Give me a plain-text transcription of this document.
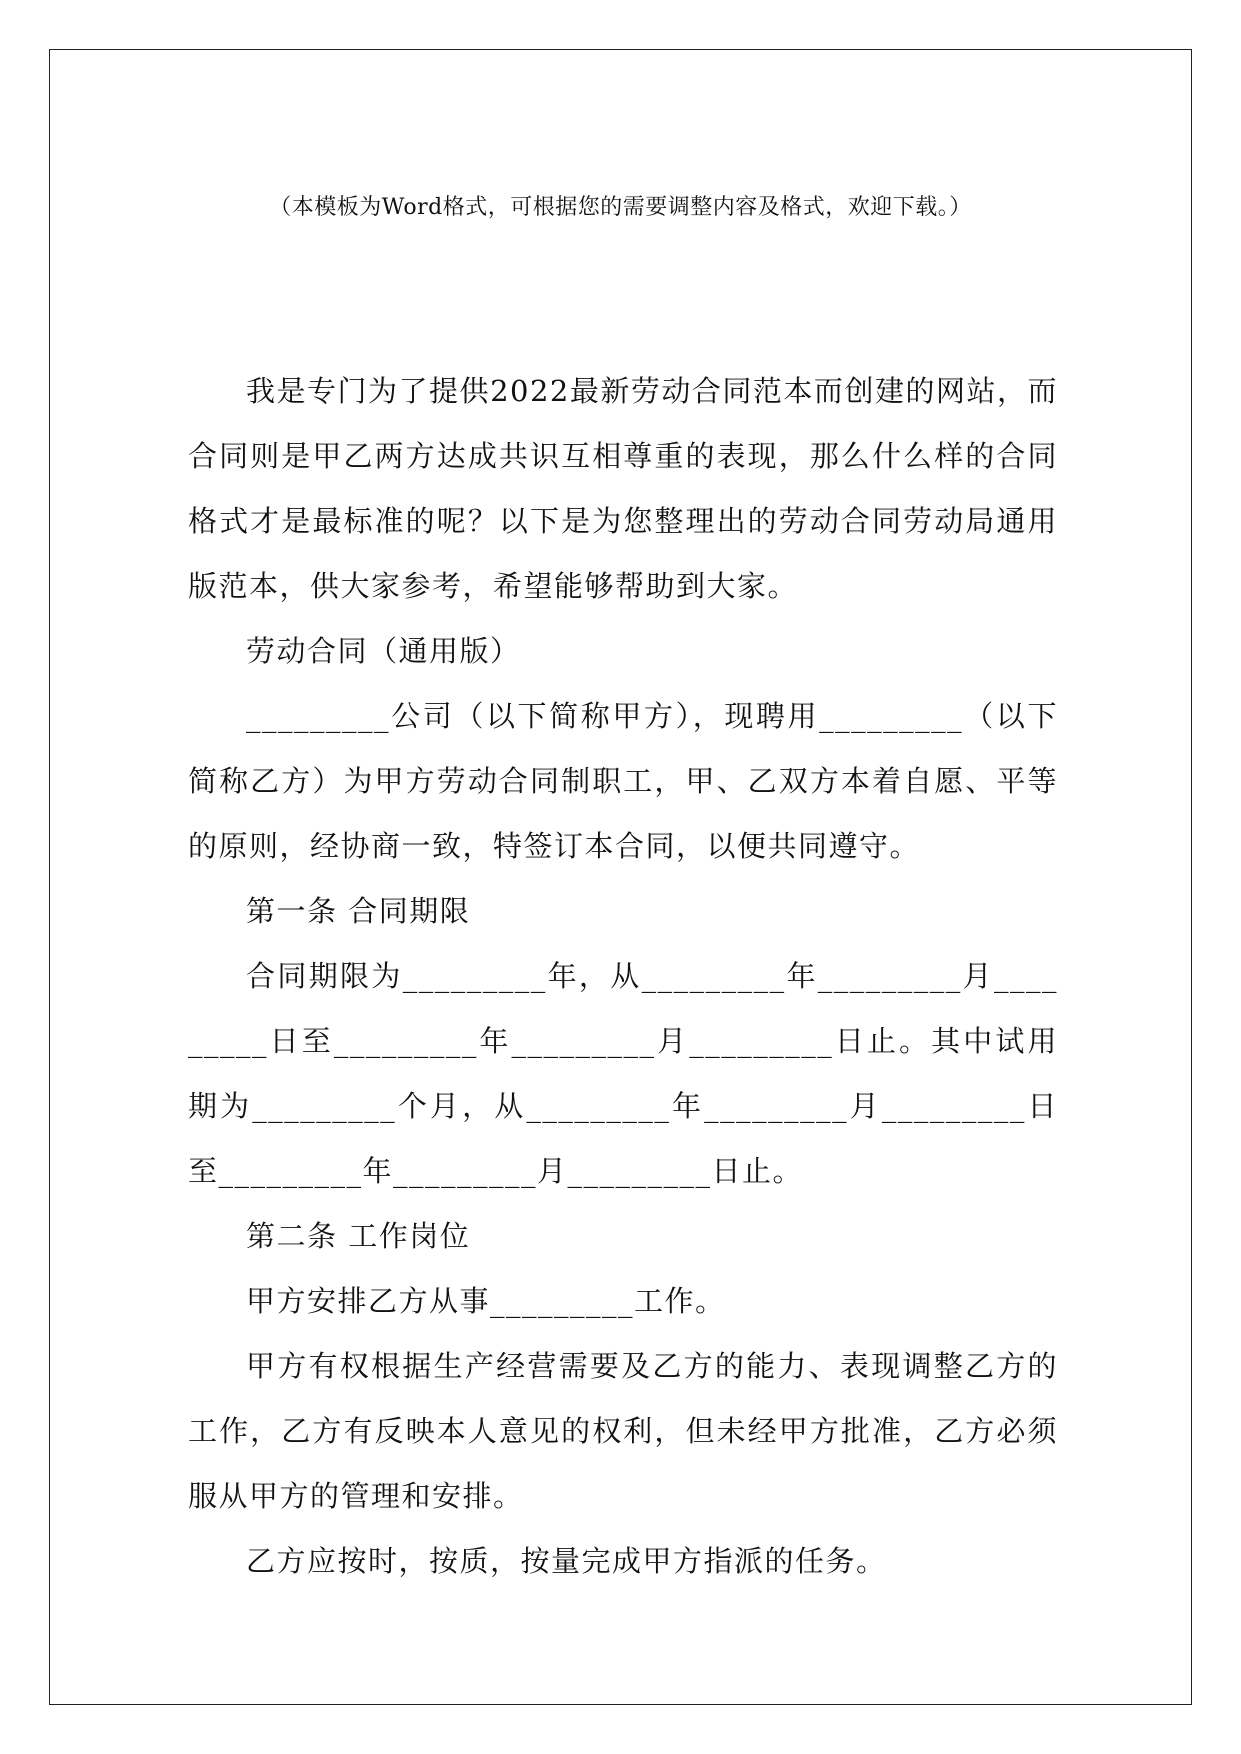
（本模板为Word格式，可根据您的需要调整内容及格式，欢迎下载。）

我是专门为了提供2022最新劳动合同范本而创建的网站，而合同则是甲乙两方达成共识互相尊重的表现，那么什么样的合同格式才是最标准的呢？以下是为您整理出的劳动合同劳动局通用版范本，供大家参考，希望能够帮助到大家。

劳动合同（通用版）

_________公司（以下简称甲方），现聘用_________（以下简称乙方）为甲方劳动合同制职工，甲、乙双方本着自愿、平等的原则，经协商一致，特签订本合同，以便共同遵守。

第一条 合同期限

合同期限为_________年，从_________年_________月_________日至_________年_________月_________日止。其中试用期为_________个月，从_________年_________月_________日至_________年_________月_________日止。

第二条 工作岗位

甲方安排乙方从事_________工作。

甲方有权根据生产经营需要及乙方的能力、表现调整乙方的工作，乙方有反映本人意见的权利，但未经甲方批准，乙方必须服从甲方的管理和安排。

乙方应按时，按质，按量完成甲方指派的任务。
